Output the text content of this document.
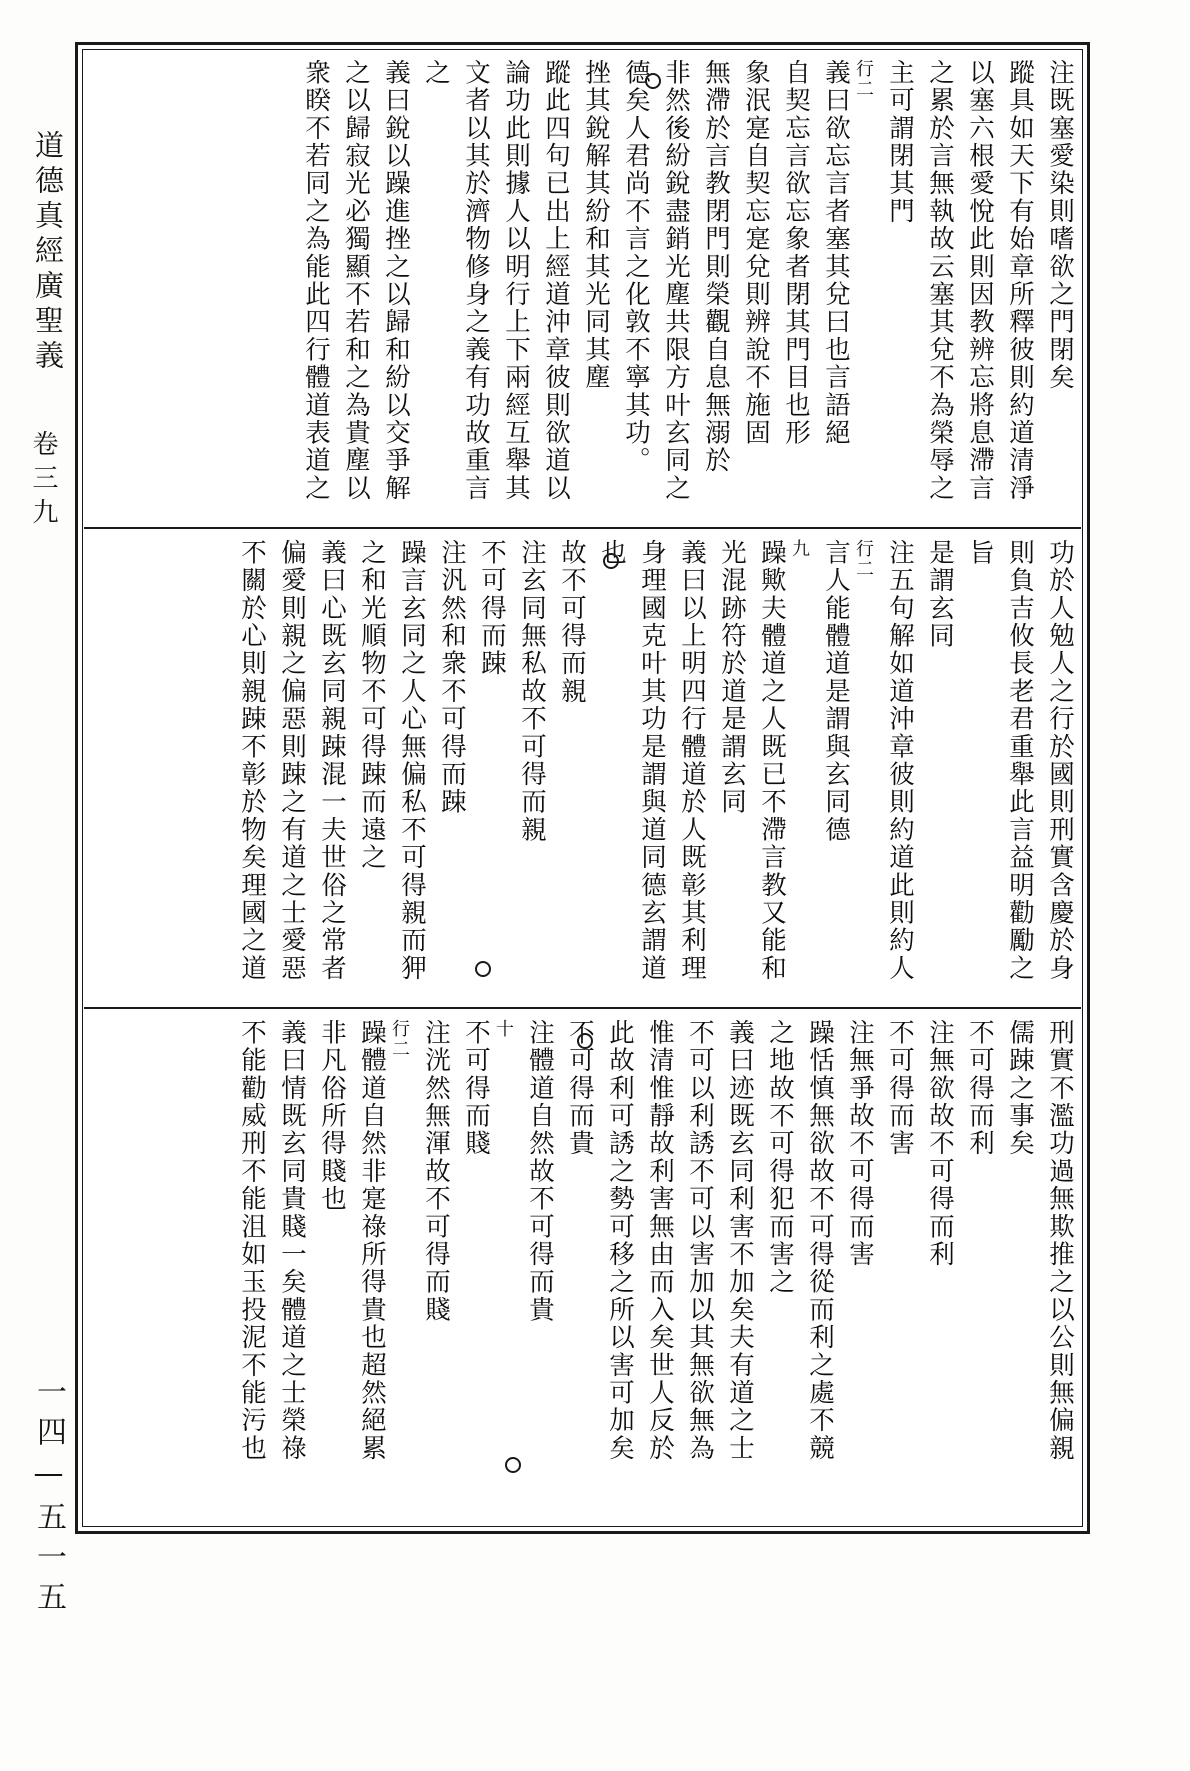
道德真經廣聖義
卷三九
一四—五一五
注既塞愛染則嗜欲之門閉矣
蹤具如天下有始章所釋彼則約道清淨
以塞六根愛悅此則因教辨忘將息滯言
之累於言無執故云塞其兌不為榮辱之
主可謂閉其門
行二
義曰欲忘言者塞其兌曰也言語絕
自契忘言欲忘象者閉其門目也形
象泯寔自契忘寔兌則辨說不施固
無滯於言教閉門則榮觀自息無溺於
非然後紛銳盡銷光塵共限方叶玄同之
德矣人君尚不言之化敦不寧其功。
挫其銳解其紛和其光同其塵
蹤此四句已出上經道沖章彼則欲道以
論功此則據人以明行上下兩經互舉其
文者以其於濟物修身之義有功故重言
之
義曰銳以躁進挫之以歸和紛以交爭解
之以歸寂光必獨顯不若和之為貴塵以
衆睽不若同之為能此四行體道表道之
功於人勉人之行於國則刑實含慶於身
則負吉攸長老君重舉此言益明勸勵之
旨
是謂玄同
注五句解如道沖章彼則約道此則約人
行二
言人能體道是謂與玄同德
九
躁歟夫體道之人既已不滯言教又能和
光混跡符於道是謂玄同
義曰以上明四行體道於人既彰其利理
身理國克叶其功是謂與道同德玄謂道
也
故不可得而親
注玄同無私故不可得而親
不可得而踈
注汎然和衆不可得而踈
躁言玄同之人心無偏私不可得親而狎
之和光順物不可得踈而遠之
義曰心既玄同親踈混一夫世俗之常者
偏愛則親之偏惡則踈之有道之士愛惡
不關於心則親踈不彰於物矣理國之道
刑實不濫功過無欺推之以公則無偏親
儒踈之事矣
不可得而利
注無欲故不可得而利
不可得而害
注無爭故不可得而害
躁恬慎無欲故不可得從而利之處不競
之地故不可得犯而害之
義曰迹既玄同利害不加矣夫有道之士
不可以利誘不可以害加以其無欲無為
惟清惟靜故利害無由而入矣世人反於
此故利可誘之勢可移之所以害可加矣
不可得而貴
注體道自然故不可得而貴
十
不可得而賤
注洸然無渾故不可得而賤
行二
躁體道自然非寔祿所得貴也超然絕累
非凡俗所得賤也
義曰情既玄同貴賤一矣體道之士榮祿
不能勸威刑不能沮如玉投泥不能污也
